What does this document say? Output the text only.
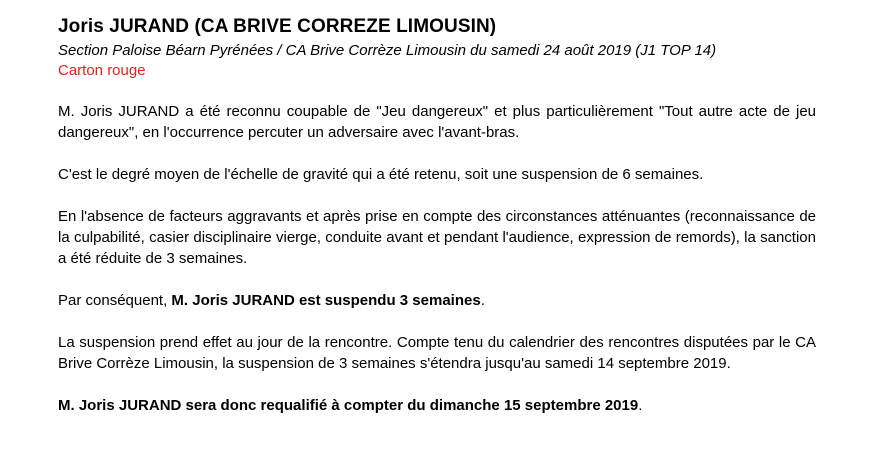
Joris JURAND (CA BRIVE CORREZE LIMOUSIN)

Section Paloise Béarn Pyrénées / CA Brive Corrèze Limousin du samedi 24 août 2019 (J1 TOP 14)

Carton rouge

M. Joris JURAND a été reconnu coupable de "Jeu dangereux" et plus particulièrement "Tout autre acte de jeu dangereux", en l'occurrence percuter un adversaire avec l'avant-bras.

C'est le degré moyen de l'échelle de gravité qui a été retenu, soit une suspension de 6 semaines.

En l'absence de facteurs aggravants et après prise en compte des circonstances atténuantes (reconnaissance de la culpabilité, casier disciplinaire vierge, conduite avant et pendant l'audience, expression de remords), la sanction a été réduite de 3 semaines.

Par conséquent, M. Joris JURAND est suspendu 3 semaines.

La suspension prend effet au jour de la rencontre. Compte tenu du calendrier des rencontres disputées par le CA Brive Corrèze Limousin, la suspension de 3 semaines s'étendra jusqu'au samedi 14 septembre 2019.

M. Joris JURAND sera donc requalifié à compter du dimanche 15 septembre 2019.
